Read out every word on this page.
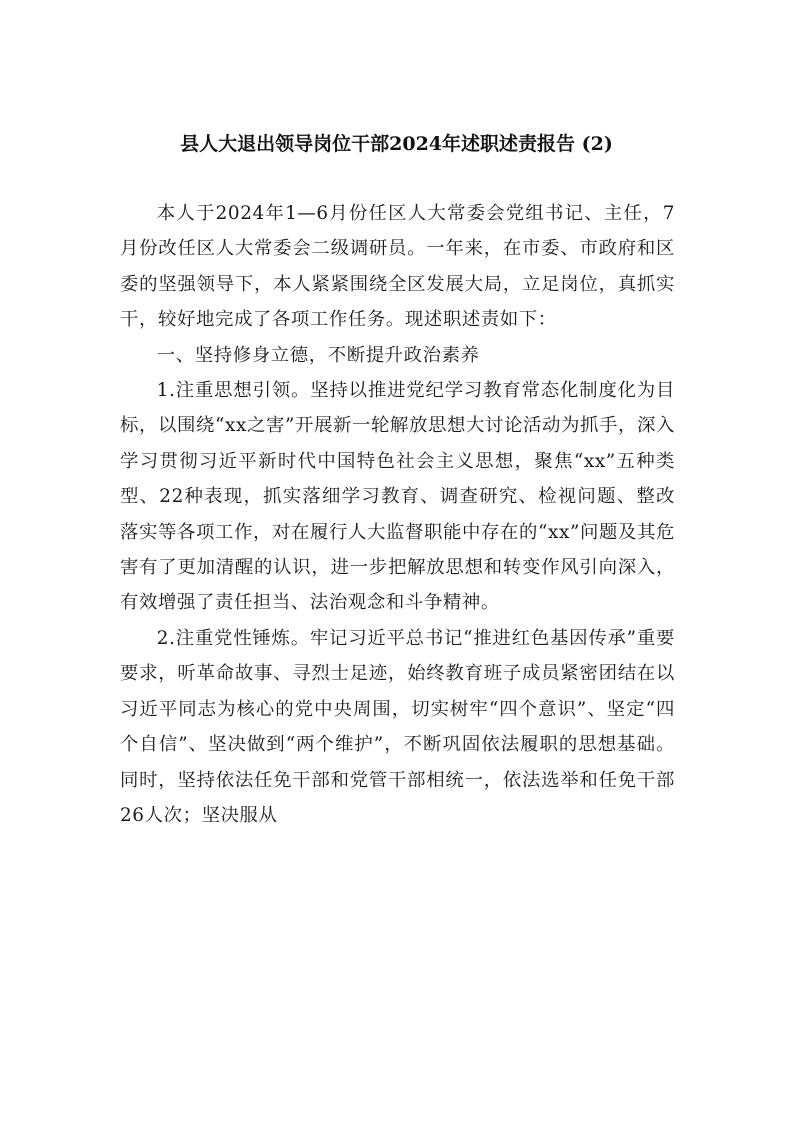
县人大退出领导岗位干部2024年述职述责报告 (2)

本人于2024年1—6月份任区人大常委会党组书记、主任，7月份改任区人大常委会二级调研员。一年来，在市委、市政府和区委的坚强领导下，本人紧紧围绕全区发展大局，立足岗位，真抓实干，较好地完成了各项工作任务。现述职述责如下：

一、坚持修身立德，不断提升政治素养

1.注重思想引领。坚持以推进党纪学习教育常态化制度化为目标，以围绕“xx之害”开展新一轮解放思想大讨论活动为抓手，深入学习贯彻习近平新时代中国特色社会主义思想，聚焦“xx”五种类型、22种表现，抓实落细学习教育、调查研究、检视问题、整改落实等各项工作，对在履行人大监督职能中存在的“xx”问题及其危害有了更加清醒的认识，进一步把解放思想和转变作风引向深入，有效增强了责任担当、法治观念和斗争精神。

2.注重党性锤炼。牢记习近平总书记“推进红色基因传承”重要要求，听革命故事、寻烈士足迹，始终教育班子成员紧密团结在以习近平同志为核心的党中央周围，切实树牢“四个意识”、坚定“四个自信”、坚决做到“两个维护”，不断巩固依法履职的思想基础。同时，坚持依法任免干部和党管干部相统一，依法选举和任免干部26人次；坚决服从
